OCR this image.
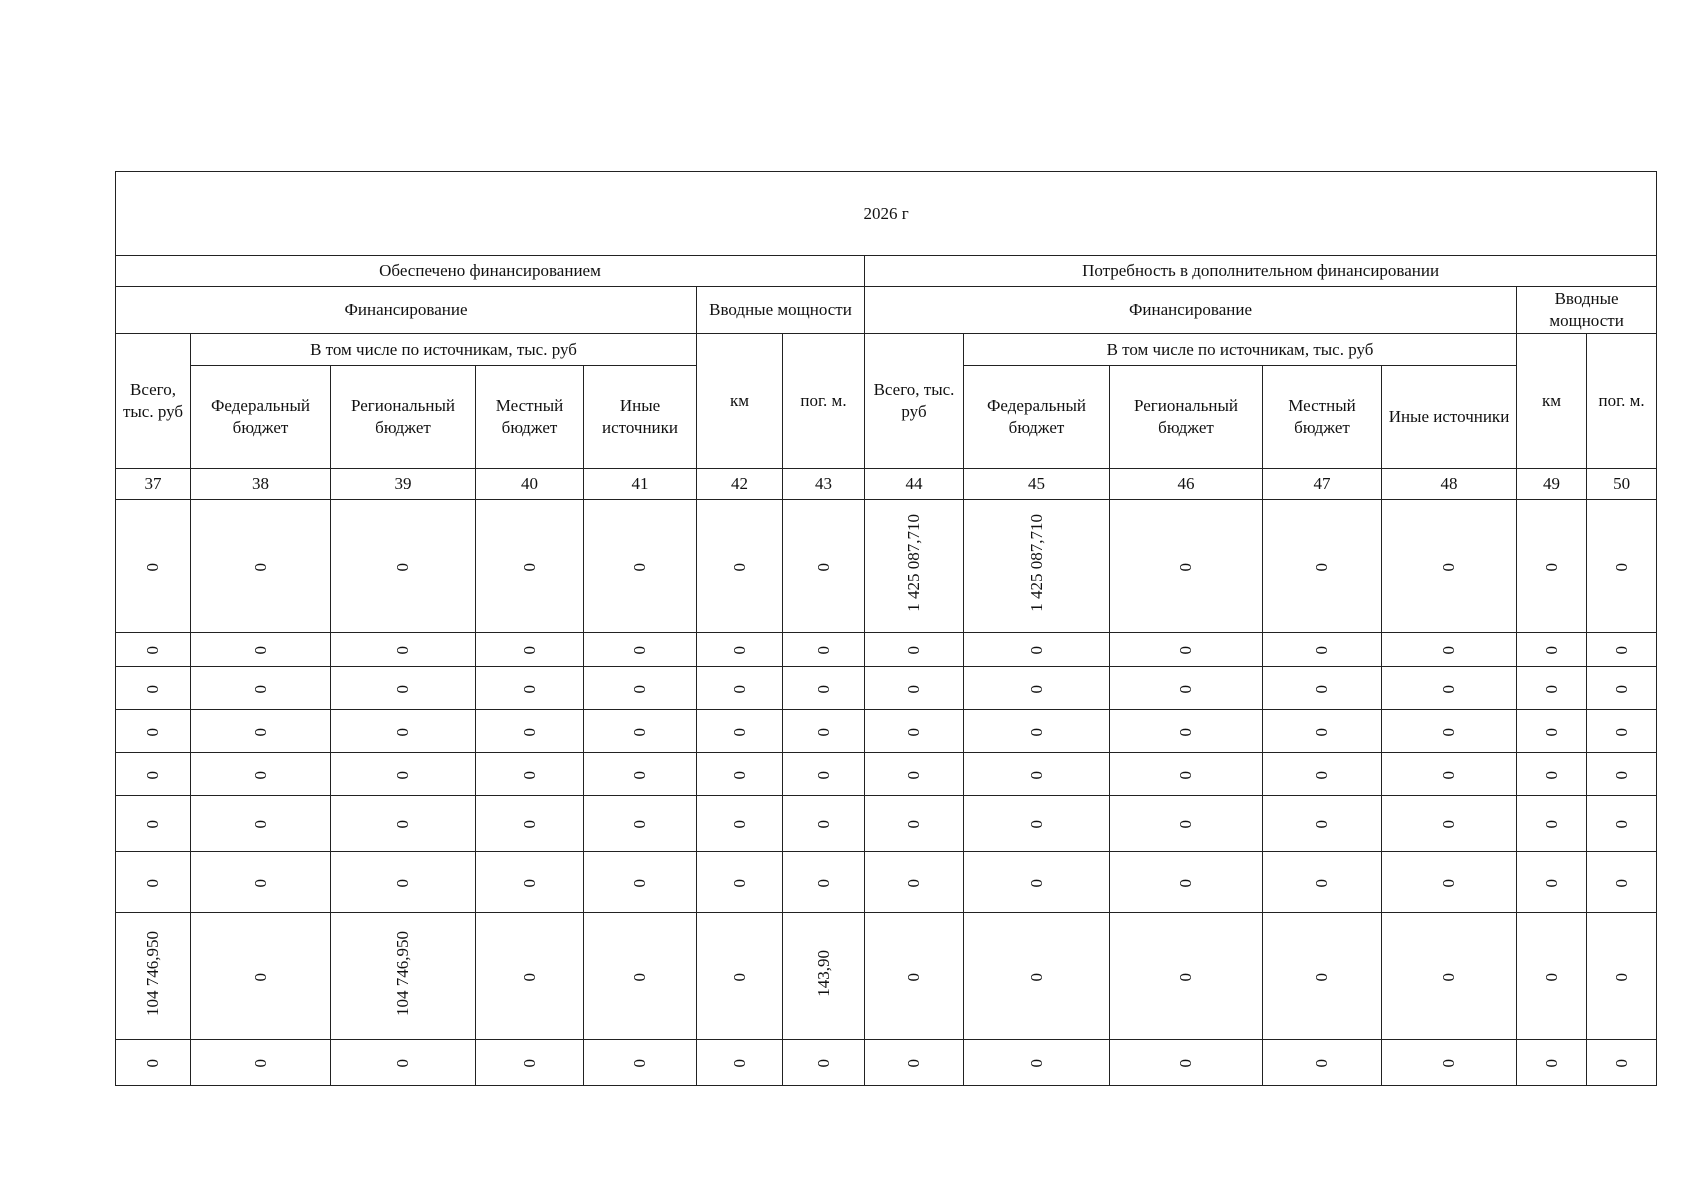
2026 г													
Обеспечено финансированием							Потребность в дополнительном финансировании						
Финансирование					Вводные мощности		Финансирование					Вводные мощности	
Всего, тыс. руб	В том числе по источникам, тыс. руб				км	пог. м.	Всего, тыс. руб	В том числе по источникам, тыс. руб				км	пог. м.
	Федеральный бюджет	Региональный бюджет	Местный бюджет	Иные источники				Федеральный бюджет	Региональный бюджет	Местный бюджет	Иные источники		
37	38	39	40	41	42	43	44	45	46	47	48	49	50
0	0	0	0	0	0	0	1 425 087,710	1 425 087,710	0	0	0	0	0
0	0	0	0	0	0	0	0	0	0	0	0	0	0
0	0	0	0	0	0	0	0	0	0	0	0	0	0
0	0	0	0	0	0	0	0	0	0	0	0	0	0
0	0	0	0	0	0	0	0	0	0	0	0	0	0
0	0	0	0	0	0	0	0	0	0	0	0	0	0
0	0	0	0	0	0	0	0	0	0	0	0	0	0
104 746,950	0	104 746,950	0	0	0	143,90	0	0	0	0	0	0	0
0	0	0	0	0	0	0	0	0	0	0	0	0	0
